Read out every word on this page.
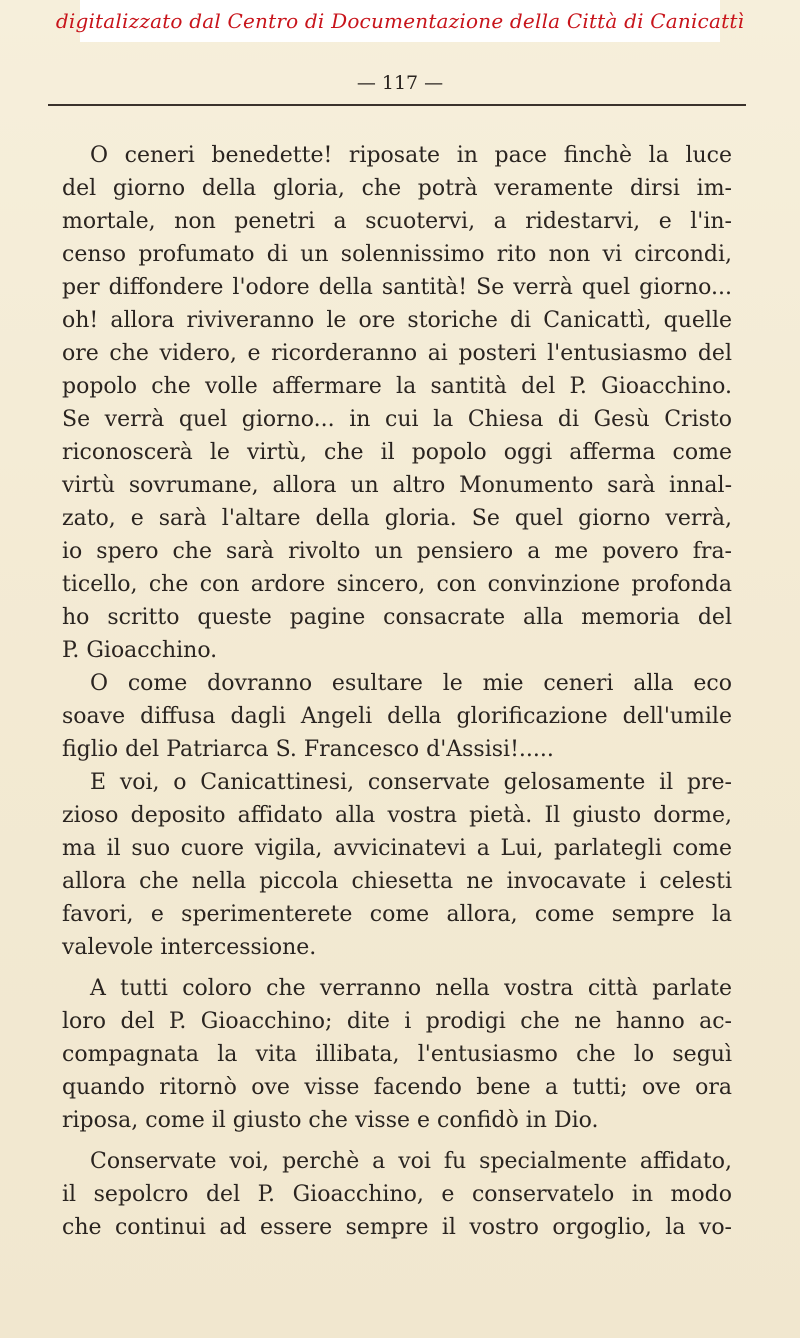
digitalizzato dal Centro di Documentazione della Città di Canicattì
— 117 —
O ceneri benedette! riposate in pace finchè la luce
del giorno della gloria, che potrà veramente dirsi im-
mortale, non penetri a scuotervi, a ridestarvi, e l'in-
censo profumato di un solennissimo rito non vi circondi,
per diffondere l'odore della santità! Se verrà quel giorno...
oh! allora riviveranno le ore storiche di Canicattì, quelle
ore che videro, e ricorderanno ai posteri l'entusiasmo del
popolo che volle affermare la santità del P. Gioacchino.
Se verrà quel giorno... in cui la Chiesa di Gesù Cristo
riconoscerà le virtù, che il popolo oggi afferma come
virtù sovrumane, allora un altro Monumento sarà innal-
zato, e sarà l'altare della gloria. Se quel giorno verrà,
io spero che sarà rivolto un pensiero a me povero fra-
ticello, che con ardore sincero, con convinzione profonda
ho scritto queste pagine consacrate alla memoria del
P. Gioacchino.
O come dovranno esultare le mie ceneri alla eco
soave diffusa dagli Angeli della glorificazione dell'umile
figlio del Patriarca S. Francesco d'Assisi!.....
E voi, o Canicattinesi, conservate gelosamente il pre-
zioso deposito affidato alla vostra pietà. Il giusto dorme,
ma il suo cuore vigila, avvicinatevi a Lui, parlategli come
allora che nella piccola chiesetta ne invocavate i celesti
favori, e sperimenterete come allora, come sempre la
valevole intercessione.
A tutti coloro che verranno nella vostra città parlate
loro del P. Gioacchino; dite i prodigi che ne hanno ac-
compagnata la vita illibata, l'entusiasmo che lo seguì
quando ritornò ove visse facendo bene a tutti; ove ora
riposa, come il giusto che visse e confidò in Dio.
Conservate voi, perchè a voi fu specialmente affidato,
il sepolcro del P. Gioacchino, e conservatelo in modo
che continui ad essere sempre il vostro orgoglio, la vo-
